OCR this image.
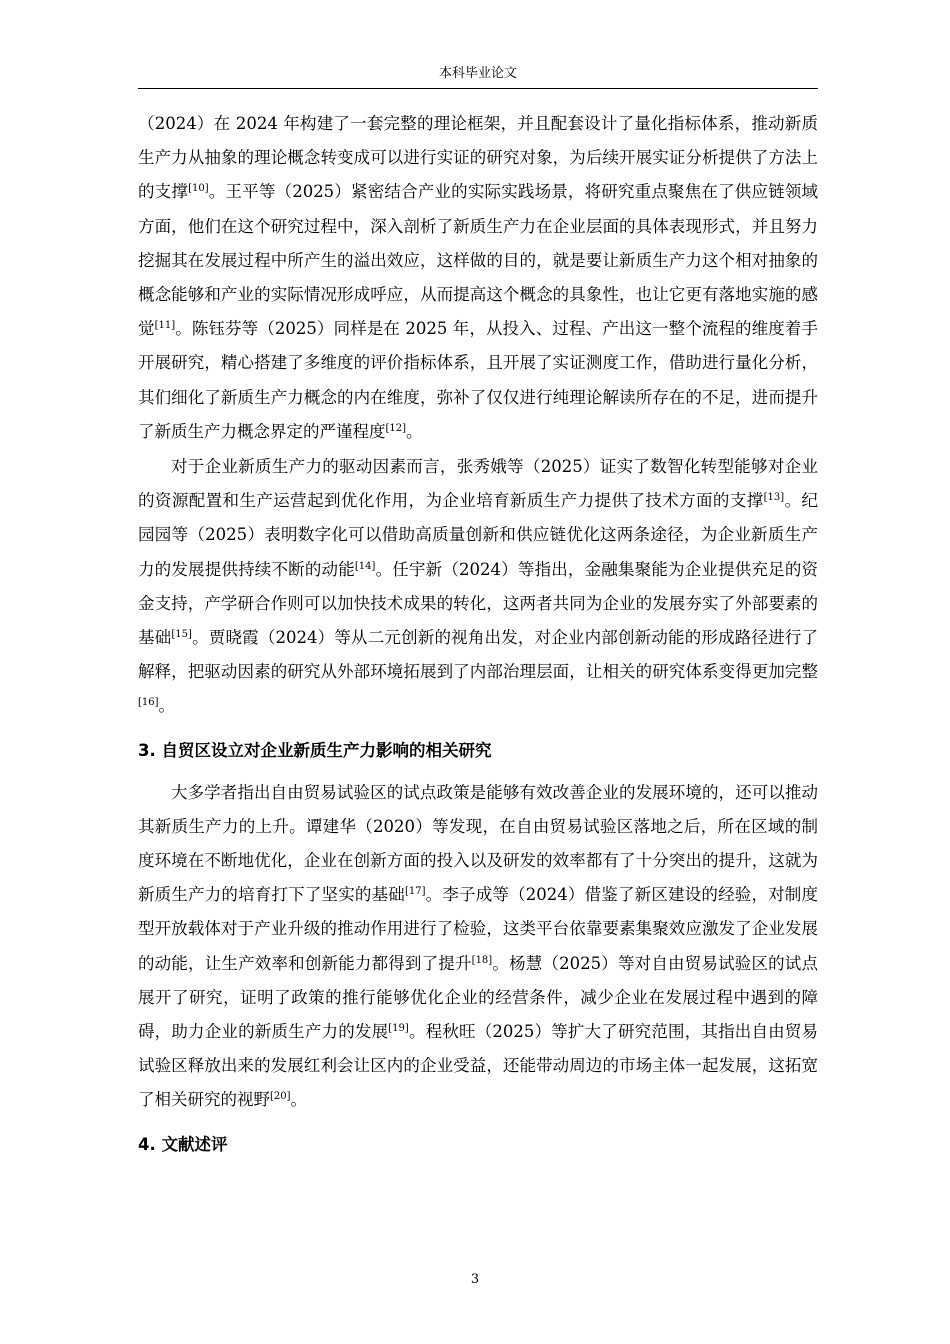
本科毕业论文

（2024）在 2024 年构建了一套完整的理论框架，并且配套设计了量化指标体系，推动新质生产力从抽象的理论概念转变成可以进行实证的研究对象，为后续开展实证分析提供了方法上的支撑[10]。王平等（2025）紧密结合产业的实际实践场景，将研究重点聚焦在了供应链领域方面，他们在这个研究过程中，深入剖析了新质生产力在企业层面的具体表现形式，并且努力挖掘其在发展过程中所产生的溢出效应，这样做的目的，就是要让新质生产力这个相对抽象的概念能够和产业的实际情况形成呼应，从而提高这个概念的具象性，也让它更有落地实施的感觉[11]。陈钰芬等（2025）同样是在 2025 年，从投入、过程、产出这一整个流程的维度着手开展研究，精心搭建了多维度的评价指标体系，且开展了实证测度工作，借助进行量化分析，其们细化了新质生产力概念的内在维度，弥补了仅仅进行纯理论解读所存在的不足，进而提升了新质生产力概念界定的严谨程度[12]。

对于企业新质生产力的驱动因素而言，张秀娥等（2025）证实了数智化转型能够对企业的资源配置和生产运营起到优化作用，为企业培育新质生产力提供了技术方面的支撑[13]。纪园园等（2025）表明数字化可以借助高质量创新和供应链优化这两条途径，为企业新质生产力的发展提供持续不断的动能[14]。任宇新（2024）等指出，金融集聚能为企业提供充足的资金支持，产学研合作则可以加快技术成果的转化，这两者共同为企业的发展夯实了外部要素的基础[15]。贾晓霞（2024）等从二元创新的视角出发，对企业内部创新动能的形成路径进行了解释，把驱动因素的研究从外部环境拓展到了内部治理层面，让相关的研究体系变得更加完整[16]。

3. 自贸区设立对企业新质生产力影响的相关研究

大多学者指出自由贸易试验区的试点政策是能够有效改善企业的发展环境的，还可以推动其新质生产力的上升。谭建华（2020）等发现，在自由贸易试验区落地之后，所在区域的制度环境在不断地优化，企业在创新方面的投入以及研发的效率都有了十分突出的提升，这就为新质生产力的培育打下了坚实的基础[17]。李子成等（2024）借鉴了新区建设的经验，对制度型开放载体对于产业升级的推动作用进行了检验，这类平台依靠要素集聚效应激发了企业发展的动能，让生产效率和创新能力都得到了提升[18]。杨慧（2025）等对自由贸易试验区的试点展开了研究，证明了政策的推行能够优化企业的经营条件，减少企业在发展过程中遇到的障碍，助力企业的新质生产力的发展[19]。程秋旺（2025）等扩大了研究范围，其指出自由贸易试验区释放出来的发展红利会让区内的企业受益，还能带动周边的市场主体一起发展，这拓宽了相关研究的视野[20]。

4. 文献述评
3
